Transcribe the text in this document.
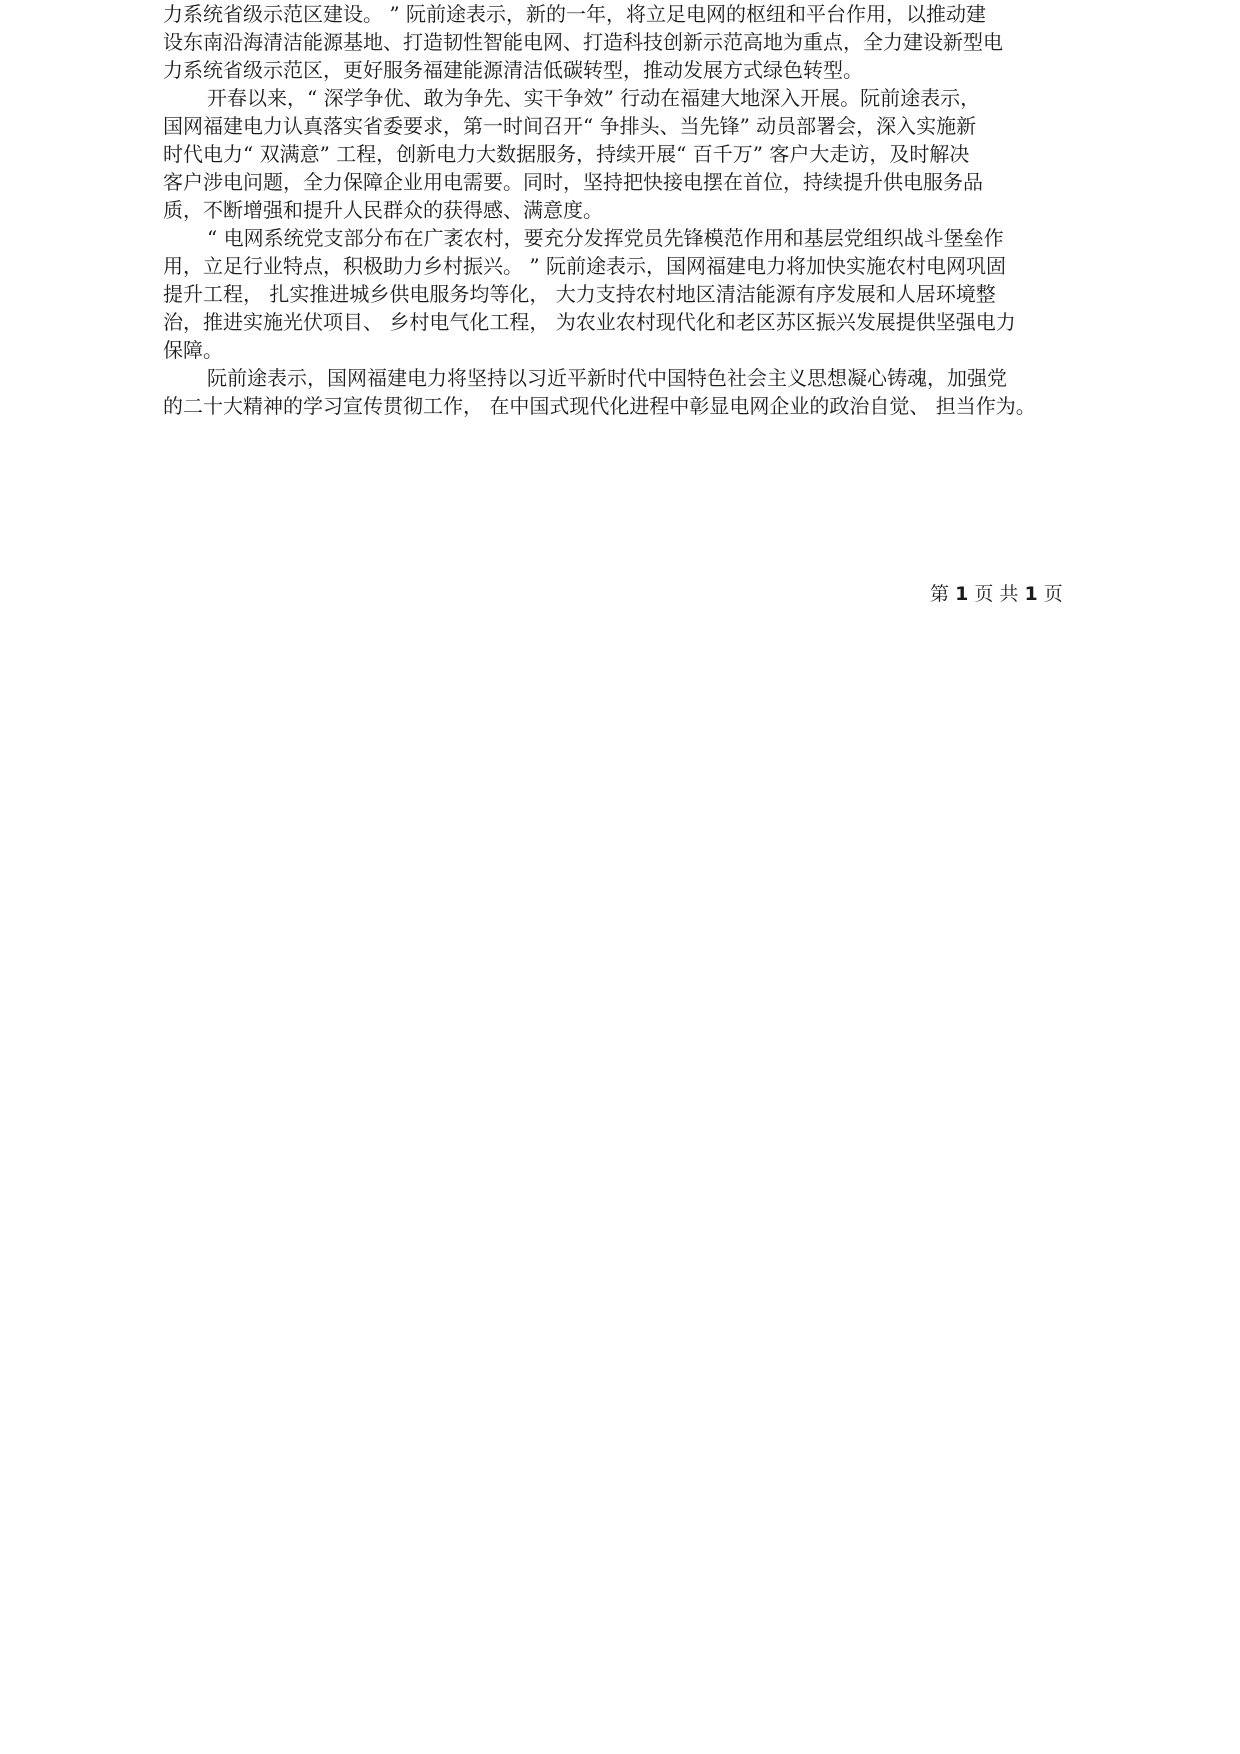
力系统省级示范区建设。 ” 阮前途表示，新的一年，将立足电网的枢纽和平台作用，以推动建
设东南沿海清洁能源基地、打造韧性智能电网、打造科技创新示范高地为重点，全力建设新型电
力系统省级示范区，更好服务福建能源清洁低碳转型，推动发展方式绿色转型。
开春以来，“ 深学争优、敢为争先、实干争效” 行动在福建大地深入开展。阮前途表示，
国网福建电力认真落实省委要求，第一时间召开“ 争排头、当先锋” 动员部署会，深入实施新
时代电力“ 双满意” 工程，创新电力大数据服务，持续开展“ 百千万” 客户大走访，及时解决
客户涉电问题，全力保障企业用电需要。同时，坚持把快接电摆在首位，持续提升供电服务品
质，不断增强和提升人民群众的获得感、满意度。
“ 电网系统党支部分布在广袤农村，要充分发挥党员先锋模范作用和基层党组织战斗堡垒作
用，立足行业特点，积极助力乡村振兴。 ” 阮前途表示，国网福建电力将加快实施农村电网巩固
提升工程， 扎实推进城乡供电服务均等化， 大力支持农村地区清洁能源有序发展和人居环境整
治，推进实施光伏项目、 乡村电气化工程， 为农业农村现代化和老区苏区振兴发展提供坚强电力
保障。
阮前途表示，国网福建电力将坚持以习近平新时代中国特色社会主义思想凝心铸魂，加强党
的二十大精神的学习宣传贯彻工作， 在中国式现代化进程中彰显电网企业的政治自觉、 担当作为。
第 1 页 共 1 页
